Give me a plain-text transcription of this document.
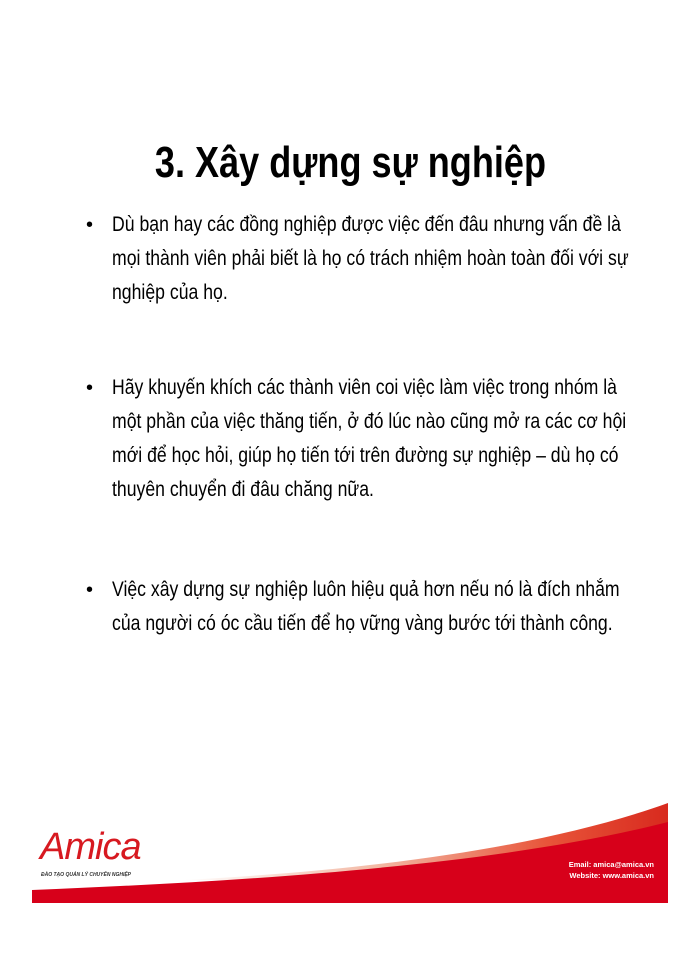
3. Xây dựng sự nghiệp
• Dù bạn hay các đồng nghiệp được việc đến đâu nhưng vấn đề là
mọi thành viên phải biết là họ có trách nhiệm hoàn toàn đối với sự
nghiệp của họ.
• Hãy khuyến khích các thành viên coi việc làm việc trong nhóm là
một phần của việc thăng tiến, ở đó lúc nào cũng mở ra các cơ hội
mới để học hỏi, giúp họ tiến tới trên đường sự nghiệp – dù họ có
thuyên chuyển đi đâu chăng nữa.
• Việc xây dựng sự nghiệp luôn hiệu quả hơn nếu nó là đích nhắm
của người có óc cầu tiến để họ vững vàng bước tới thành công.
Amica
ĐÀO TẠO QUẢN LÝ CHUYÊN NGHIỆP
Email: amica@amica.vn
Website: www.amica.vn
